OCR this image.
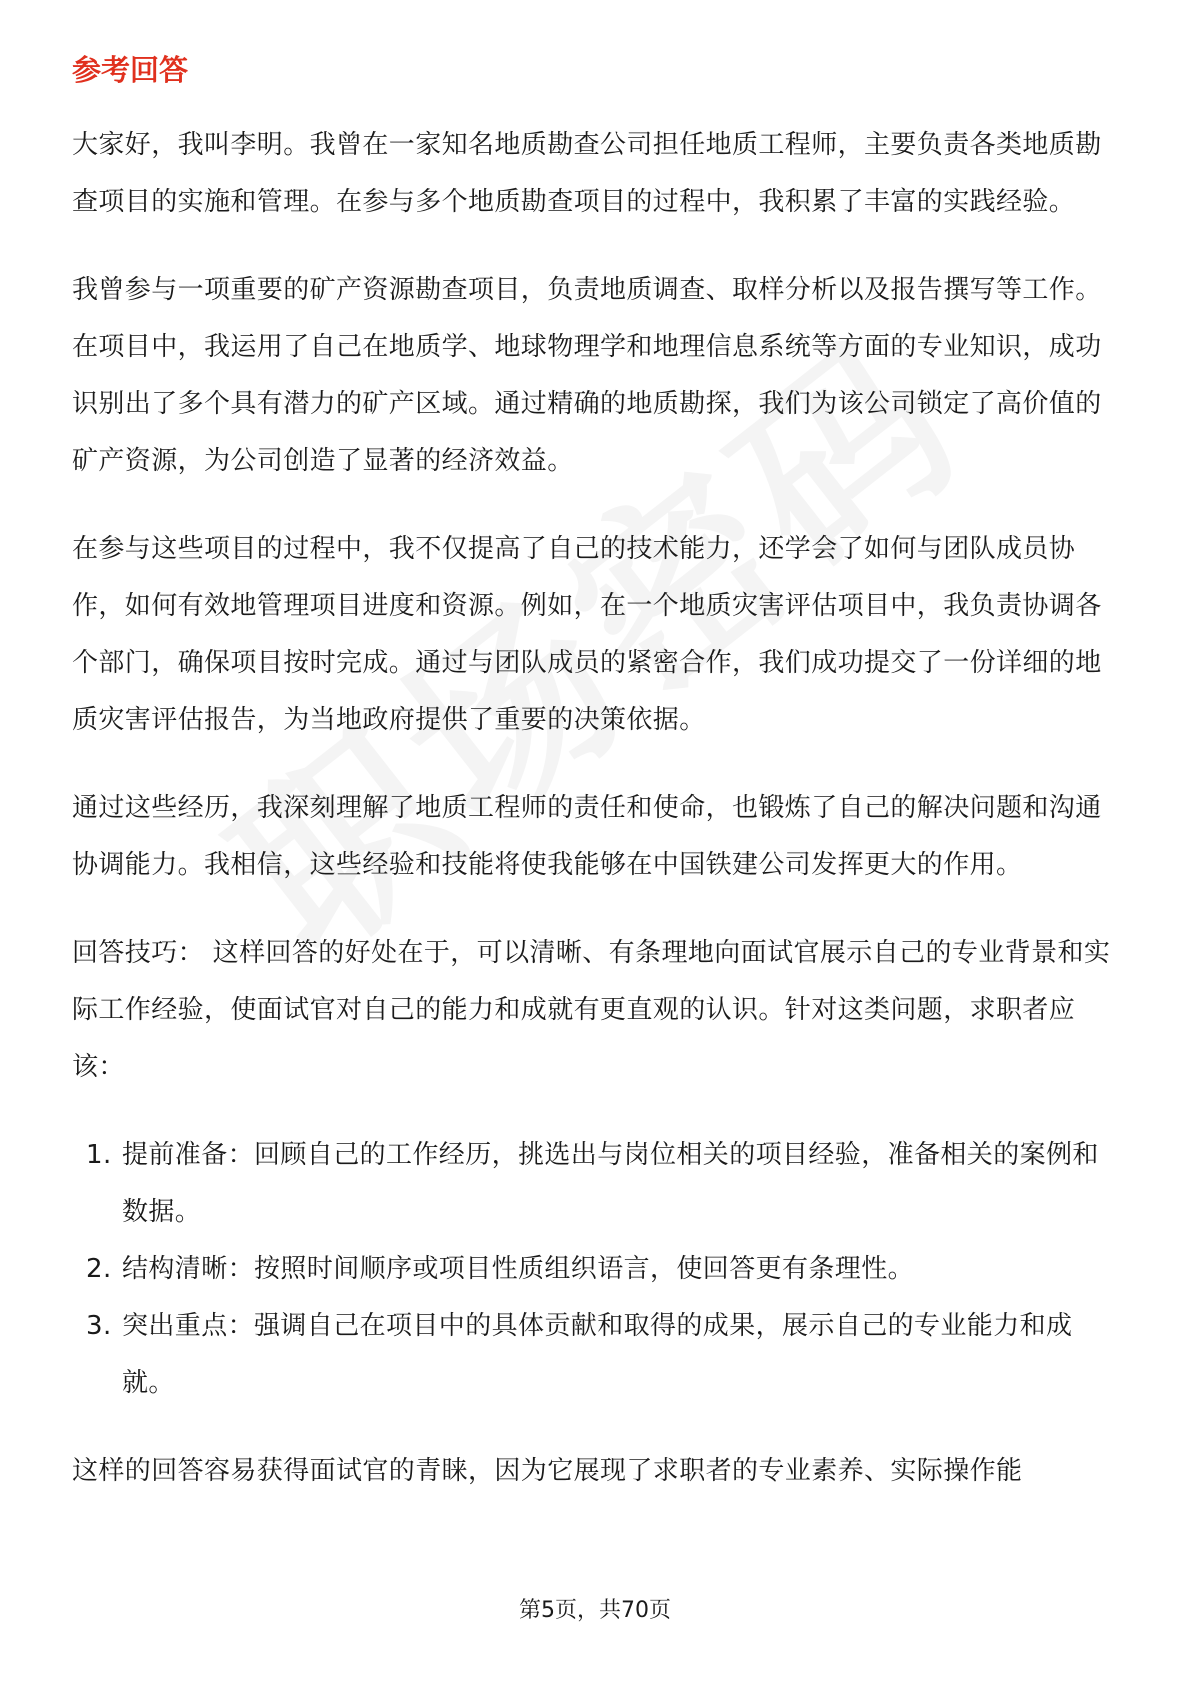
参考回答

大家好，我叫李明。我曾在一家知名地质勘查公司担任地质工程师，主要负责各类地质勘查项目的实施和管理。在参与多个地质勘查项目的过程中，我积累了丰富的实践经验。

我曾参与一项重要的矿产资源勘查项目，负责地质调查、取样分析以及报告撰写等工作。在项目中，我运用了自己在地质学、地球物理学和地理信息系统等方面的专业知识，成功识别出了多个具有潜力的矿产区域。通过精确的地质勘探，我们为该公司锁定了高价值的矿产资源，为公司创造了显著的经济效益。

在参与这些项目的过程中，我不仅提高了自己的技术能力，还学会了如何与团队成员协作，如何有效地管理项目进度和资源。例如，在一个地质灾害评估项目中，我负责协调各个部门，确保项目按时完成。通过与团队成员的紧密合作，我们成功提交了一份详细的地质灾害评估报告，为当地政府提供了重要的决策依据。

通过这些经历，我深刻理解了地质工程师的责任和使命，也锻炼了自己的解决问题和沟通协调能力。我相信，这些经验和技能将使我能够在中国铁建公司发挥更大的作用。

回答技巧： 这样回答的好处在于，可以清晰、有条理地向面试官展示自己的专业背景和实际工作经验，使面试官对自己的能力和成就有更直观的认识。针对这类问题，求职者应该：

1. 提前准备：回顾自己的工作经历，挑选出与岗位相关的项目经验，准备相关的案例和数据。
2. 结构清晰：按照时间顺序或项目性质组织语言，使回答更有条理性。
3. 突出重点：强调自己在项目中的具体贡献和取得的成果，展示自己的专业能力和成就。

这样的回答容易获得面试官的青睐，因为它展现了求职者的专业素养、实际操作能

第5页，共70页
